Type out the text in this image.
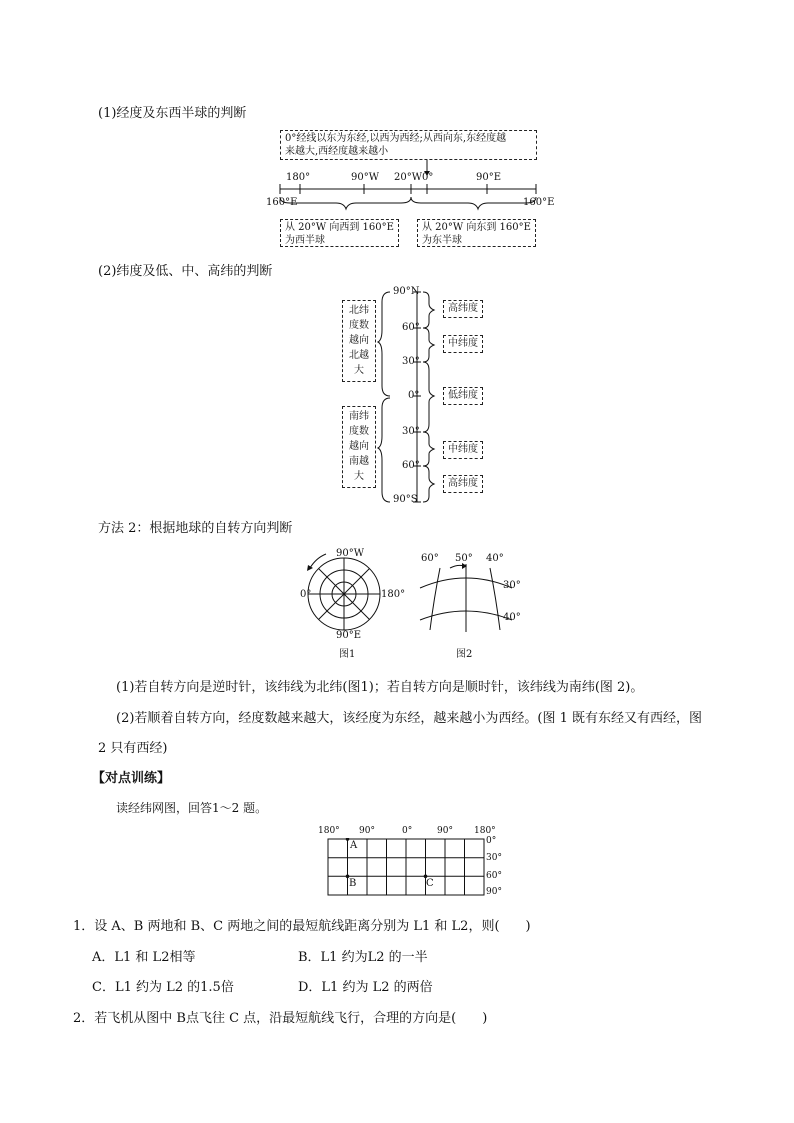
(1)经度及东西半球的判断
0°经线以东为东经,以西为西经;从西向东,东经度越
来越大,西经度越来越小
180°	90°W 20°W 0°	90°E
160°E	160°E
从 20°W 向西到 160°E
为西半球
从 20°W 向东到 160°E
为东半球
(2)纬度及低、中、高纬的判断
北纬
度数
越向
北越
大
南纬
度数
越向
南越
大
90°N
60°
30°
0°
30°
60°
90°S
高纬度
中纬度
低纬度
中纬度
高纬度
方法 2：根据地球的自转方向判断
90°W
0°	180°
90°E
图1
60° 50° 40°
30°
40°
图2
(1)若自转方向是逆时针，该纬线为北纬(图1)；若自转方向是顺时针，该纬线为南纬(图 2)。
(2)若顺着自转方向，经度数越来越大，该经度为东经，越来越小为西经。(图 1 既有东经又有西经，图
2 只有西经)
【对点训练】
读经纬网图，回答1～2 题。
180° 90°	0°	90° 180°
0°
30°
60°
90°
A
B	C
1．设 A、B 两地和 B、C 两地之间的最短航线距离分别为 L1 和 L2，则(　　)
A．L1 和 L2相等	B．L1 约为L2 的一半
C．L1 约为 L2 的1.5倍	D．L1 约为 L2 的两倍
2．若飞机从图中 B点飞往 C 点，沿最短航线飞行，合理的方向是(　　)
